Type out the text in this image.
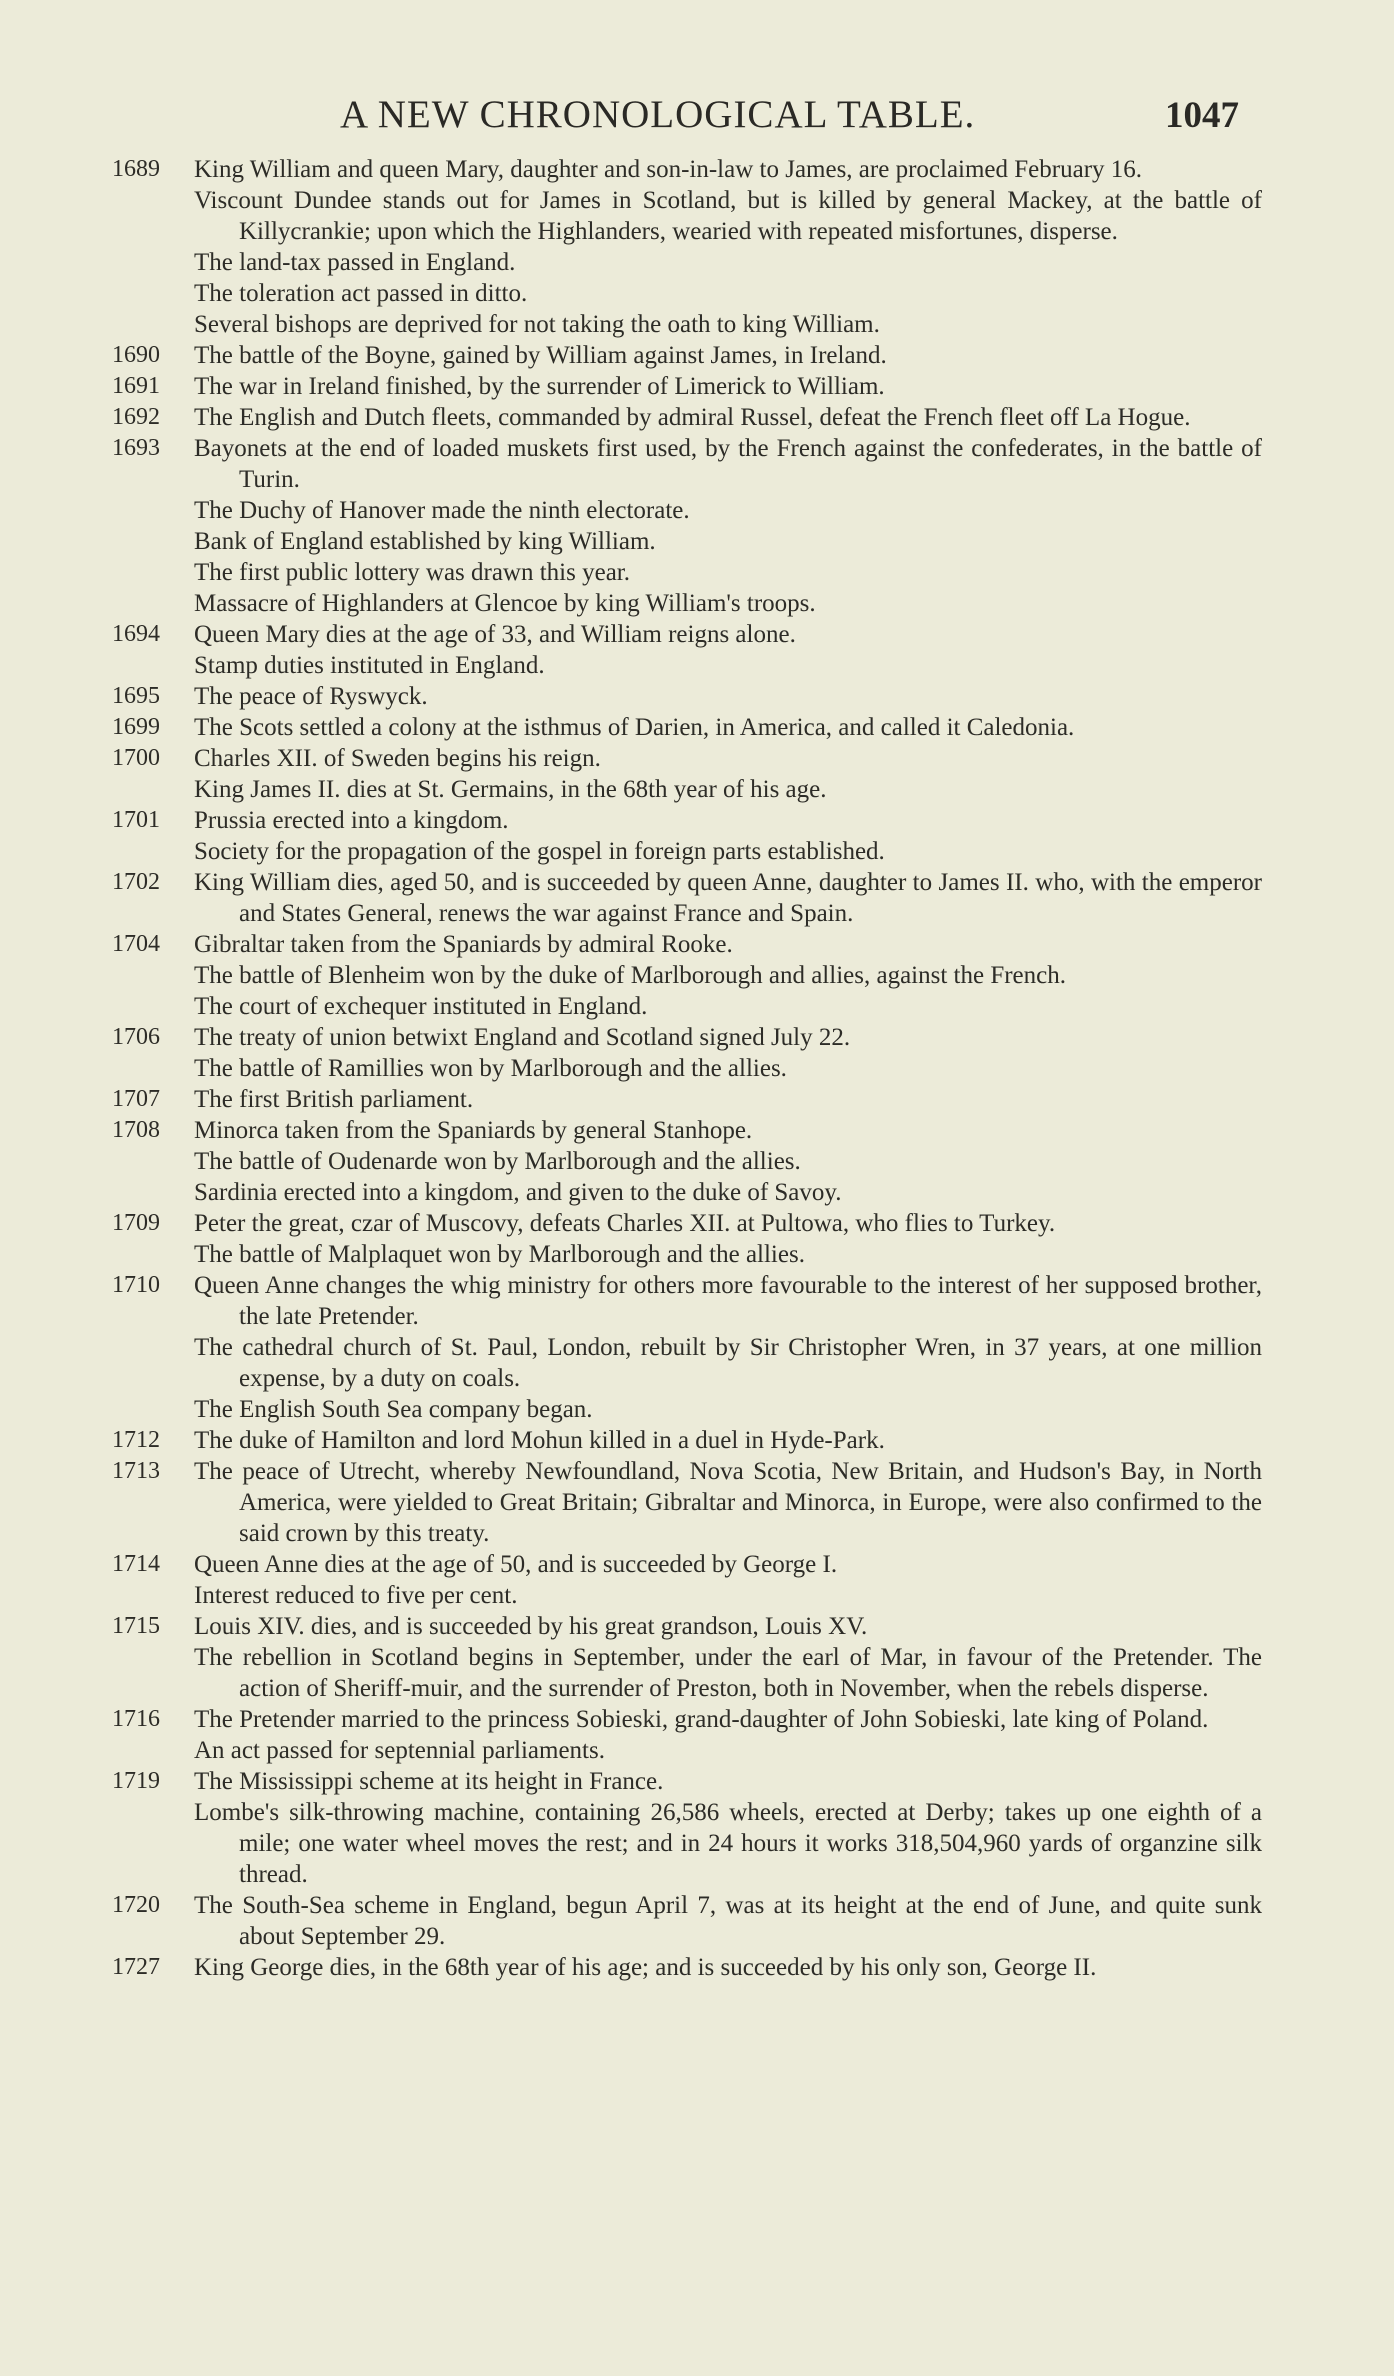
A NEW CHRONOLOGICAL TABLE.	1047
1689	King William and queen Mary, daughter and son-in-law to James, are proclaimed February 16.
Viscount Dundee stands out for James in Scotland, but is killed by general Mackey, at the battle of Killycrankie; upon which the Highlanders, wearied with repeated misfortunes, disperse.
The land-tax passed in England.
The toleration act passed in ditto.
Several bishops are deprived for not taking the oath to king William.
1690	The battle of the Boyne, gained by William against James, in Ireland.
1691	The war in Ireland finished, by the surrender of Limerick to William.
1692	The English and Dutch fleets, commanded by admiral Russel, defeat the French fleet off La Hogue.
1693	Bayonets at the end of loaded muskets first used, by the French against the confederates, in the battle of Turin.
The Duchy of Hanover made the ninth electorate.
Bank of England established by king William.
The first public lottery was drawn this year.
Massacre of Highlanders at Glencoe by king William's troops.
1694	Queen Mary dies at the age of 33, and William reigns alone.
Stamp duties instituted in England.
1695	The peace of Ryswyck.
1699	The Scots settled a colony at the isthmus of Darien, in America, and called it Caledonia.
1700	Charles XII. of Sweden begins his reign.
King James II. dies at St. Germains, in the 68th year of his age.
1701	Prussia erected into a kingdom.
Society for the propagation of the gospel in foreign parts established.
1702	King William dies, aged 50, and is succeeded by queen Anne, daughter to James II. who, with the emperor and States General, renews the war against France and Spain.
1704	Gibraltar taken from the Spaniards by admiral Rooke.
The battle of Blenheim won by the duke of Marlborough and allies, against the French.
The court of exchequer instituted in England.
1706	The treaty of union betwixt England and Scotland signed July 22.
The battle of Ramillies won by Marlborough and the allies.
1707	The first British parliament.
1708	Minorca taken from the Spaniards by general Stanhope.
The battle of Oudenarde won by Marlborough and the allies.
Sardinia erected into a kingdom, and given to the duke of Savoy.
1709	Peter the great, czar of Muscovy, defeats Charles XII. at Pultowa, who flies to Turkey.
The battle of Malplaquet won by Marlborough and the allies.
1710	Queen Anne changes the whig ministry for others more favourable to the interest of her supposed brother, the late Pretender.
The cathedral church of St. Paul, London, rebuilt by Sir Christopher Wren, in 37 years, at one million expense, by a duty on coals.
The English South Sea company began.
1712	The duke of Hamilton and lord Mohun killed in a duel in Hyde-Park.
1713	The peace of Utrecht, whereby Newfoundland, Nova Scotia, New Britain, and Hudson's Bay, in North America, were yielded to Great Britain; Gibraltar and Minorca, in Europe, were also confirmed to the said crown by this treaty.
1714	Queen Anne dies at the age of 50, and is succeeded by George I.
Interest reduced to five per cent.
1715	Louis XIV. dies, and is succeeded by his great grandson, Louis XV.
The rebellion in Scotland begins in September, under the earl of Mar, in favour of the Pretender. The action of Sheriff-muir, and the surrender of Preston, both in November, when the rebels disperse.
1716	The Pretender married to the princess Sobieski, grand-daughter of John Sobieski, late king of Poland.
An act passed for septennial parliaments.
1719	The Mississippi scheme at its height in France.
Lombe's silk-throwing machine, containing 26,586 wheels, erected at Derby; takes up one eighth of a mile; one water wheel moves the rest; and in 24 hours it works 318,504,960 yards of organzine silk thread.
1720	The South-Sea scheme in England, begun April 7, was at its height at the end of June, and quite sunk about September 29.
1727	King George dies, in the 68th year of his age; and is succeeded by his only son, George II.
